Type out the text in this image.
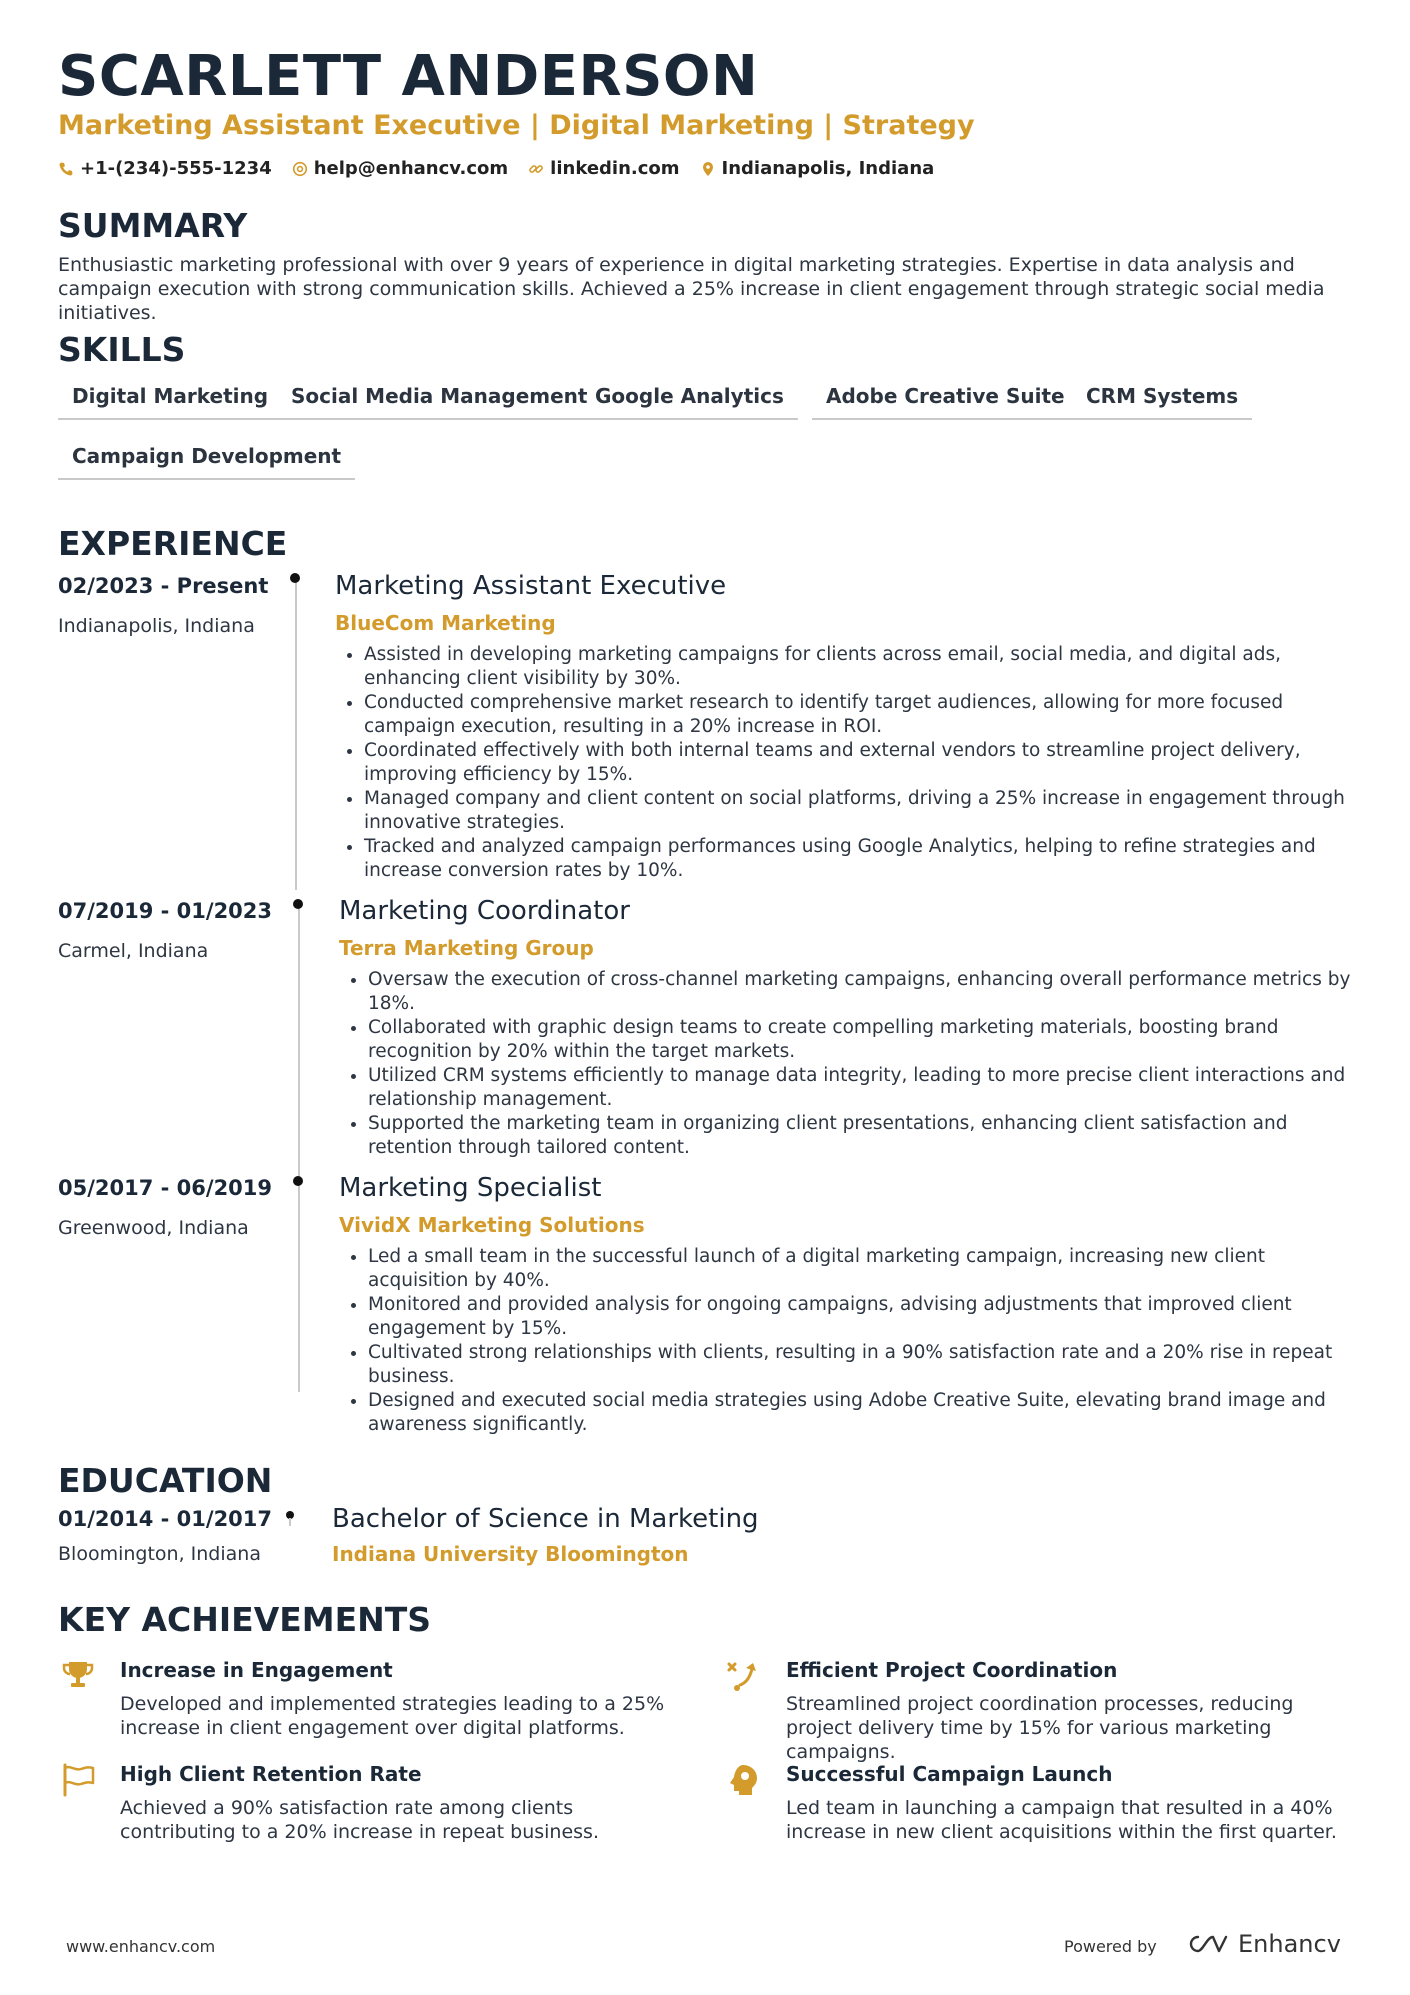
SCARLETT ANDERSON
Marketing Assistant Executive | Digital Marketing | Strategy
+1-(234)-555-1234 help@enhancv.com linkedin.com Indianapolis, Indiana
SUMMARY
Enthusiastic marketing professional with over 9 years of experience in digital marketing strategies. Expertise in data analysis and campaign execution with strong communication skills. Achieved a 25% increase in client engagement through strategic social media initiatives.
SKILLS
Digital Marketing	Social Media Management Google Analytics	Adobe Creative Suite	CRM Systems
Campaign Development
EXPERIENCE
02/2023 - Present
Indianapolis, Indiana
Marketing Assistant Executive
BlueCom Marketing
• Assisted in developing marketing campaigns for clients across email, social media, and digital ads, enhancing client visibility by 30%.
• Conducted comprehensive market research to identify target audiences, allowing for more focused campaign execution, resulting in a 20% increase in ROI.
• Coordinated effectively with both internal teams and external vendors to streamline project delivery, improving efficiency by 15%.
• Managed company and client content on social platforms, driving a 25% increase in engagement through innovative strategies.
• Tracked and analyzed campaign performances using Google Analytics, helping to refine strategies and increase conversion rates by 10%.
07/2019 - 01/2023
Carmel, Indiana
Marketing Coordinator
Terra Marketing Group
• Oversaw the execution of cross-channel marketing campaigns, enhancing overall performance metrics by 18%.
• Collaborated with graphic design teams to create compelling marketing materials, boosting brand recognition by 20% within the target markets.
• Utilized CRM systems efficiently to manage data integrity, leading to more precise client interactions and relationship management.
• Supported the marketing team in organizing client presentations, enhancing client satisfaction and retention through tailored content.
05/2017 - 06/2019
Greenwood, Indiana
Marketing Specialist
VividX Marketing Solutions
• Led a small team in the successful launch of a digital marketing campaign, increasing new client acquisition by 40%.
• Monitored and provided analysis for ongoing campaigns, advising adjustments that improved client engagement by 15%.
• Cultivated strong relationships with clients, resulting in a 90% satisfaction rate and a 20% rise in repeat business.
• Designed and executed social media strategies using Adobe Creative Suite, elevating brand image and awareness significantly.
EDUCATION
01/2014 - 01/2017
Bloomington, Indiana
Bachelor of Science in Marketing
Indiana University Bloomington
KEY ACHIEVEMENTS
Increase in Engagement
Developed and implemented strategies leading to a 25% increase in client engagement over digital platforms.
Efficient Project Coordination
Streamlined project coordination processes, reducing project delivery time by 15% for various marketing campaigns.
High Client Retention Rate
Achieved a 90% satisfaction rate among clients contributing to a 20% increase in repeat business.
Successful Campaign Launch
Led team in launching a campaign that resulted in a 40% increase in new client acquisitions within the first quarter.
www.enhancv.com	Powered by	Enhancv
